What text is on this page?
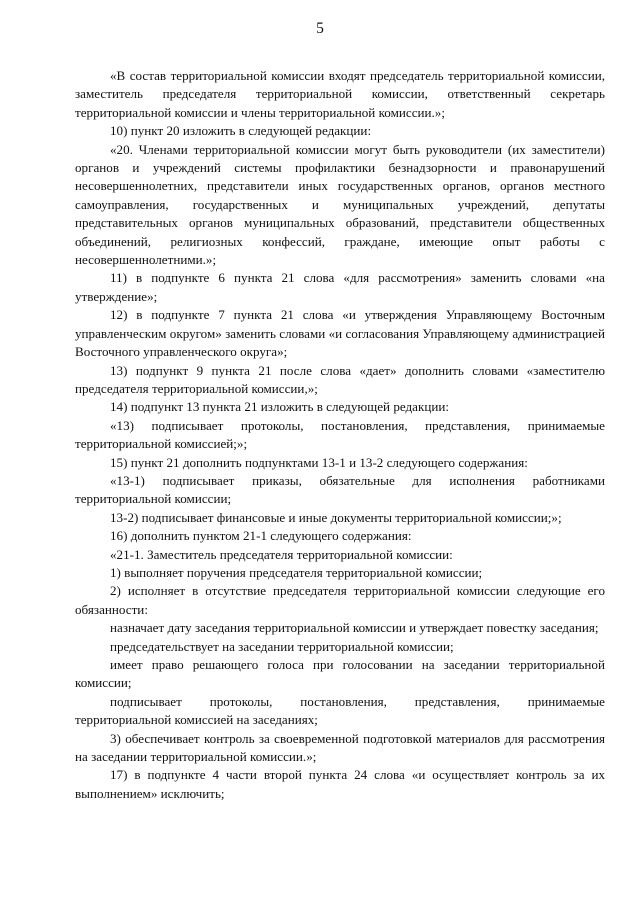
5

«В состав территориальной комиссии входят председатель территориальной комиссии, заместитель председателя территориальной комиссии, ответственный секретарь территориальной комиссии и члены территориальной комиссии.»;

10) пункт 20 изложить в следующей редакции:

«20. Членами территориальной комиссии могут быть руководители (их заместители) органов и учреждений системы профилактики безнадзорности и правонарушений несовершеннолетних, представители иных государственных органов, органов местного самоуправления, государственных и муниципальных учреждений, депутаты представительных органов муниципальных образований, представители общественных объединений, религиозных конфессий, граждане, имеющие опыт работы с несовершеннолетними.»;

11) в подпункте 6 пункта 21 слова «для рассмотрения» заменить словами «на утверждение»;

12) в подпункте 7 пункта 21 слова «и утверждения Управляющему Восточным управленческим округом» заменить словами «и согласования Управляющему администрацией Восточного управленческого округа»;

13) подпункт 9 пункта 21 после слова «дает» дополнить словами «заместителю председателя территориальной комиссии,»;

14) подпункт 13 пункта 21 изложить в следующей редакции:

«13) подписывает протоколы, постановления, представления, принимаемые территориальной комиссией;»;

15) пункт 21 дополнить подпунктами 13-1 и 13-2 следующего содержания:

«13-1) подписывает приказы, обязательные для исполнения работниками территориальной комиссии;

13-2) подписывает финансовые и иные документы территориальной комиссии;»;

16) дополнить пунктом 21-1 следующего содержания:

«21-1. Заместитель председателя территориальной комиссии:

1) выполняет поручения председателя территориальной комиссии;

2) исполняет в отсутствие председателя территориальной комиссии следующие его обязанности:

назначает дату заседания территориальной комиссии и утверждает повестку заседания;

председательствует на заседании территориальной комиссии;

имеет право решающего голоса при голосовании на заседании территориальной комиссии;

подписывает протоколы, постановления, представления, принимаемые территориальной комиссией на заседаниях;

3) обеспечивает контроль за своевременной подготовкой материалов для рассмотрения на заседании территориальной комиссии.»;

17) в подпункте 4 части второй пункта 24 слова «и осуществляет контроль за их выполнением» исключить;
